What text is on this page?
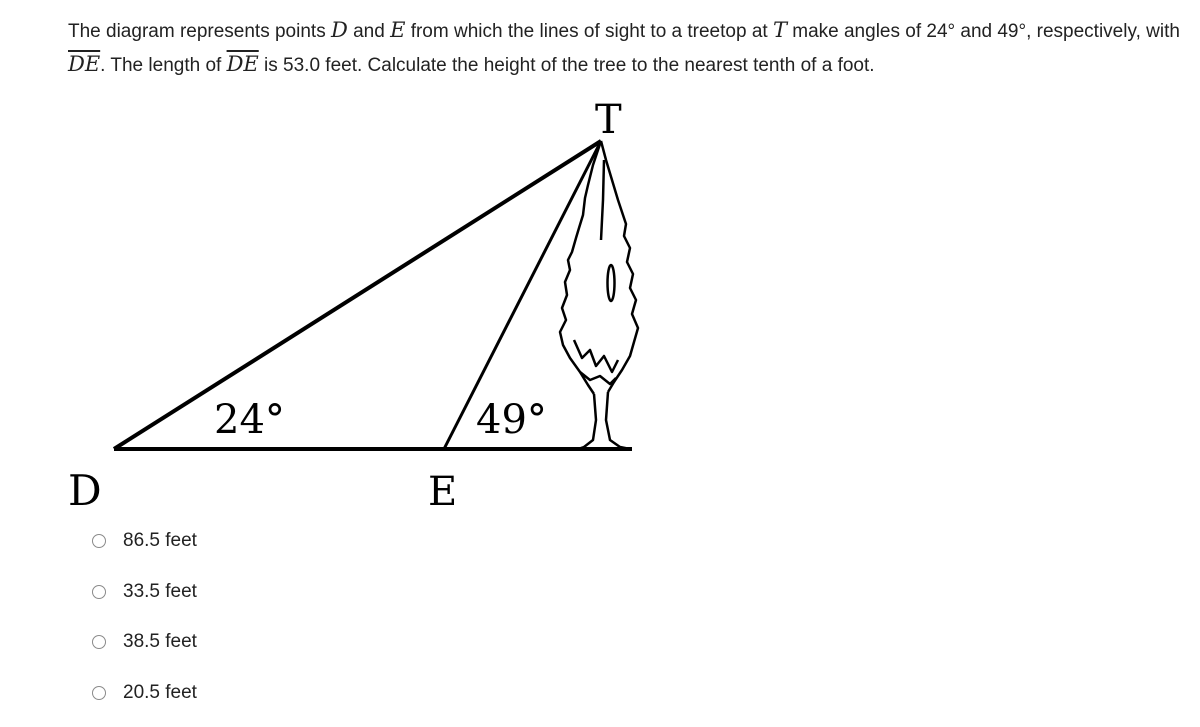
The diagram represents points D and E from which the lines of sight to a treetop at T make angles of 24° and 49°, respectively, with $\overline{DE}$. The length of $\overline{DE}$ is 53.0 feet. Calculate the height of the tree to the nearest tenth of a foot.
T
D	E
24°	49°
86.5 feet
33.5 feet
38.5 feet
20.5 feet
